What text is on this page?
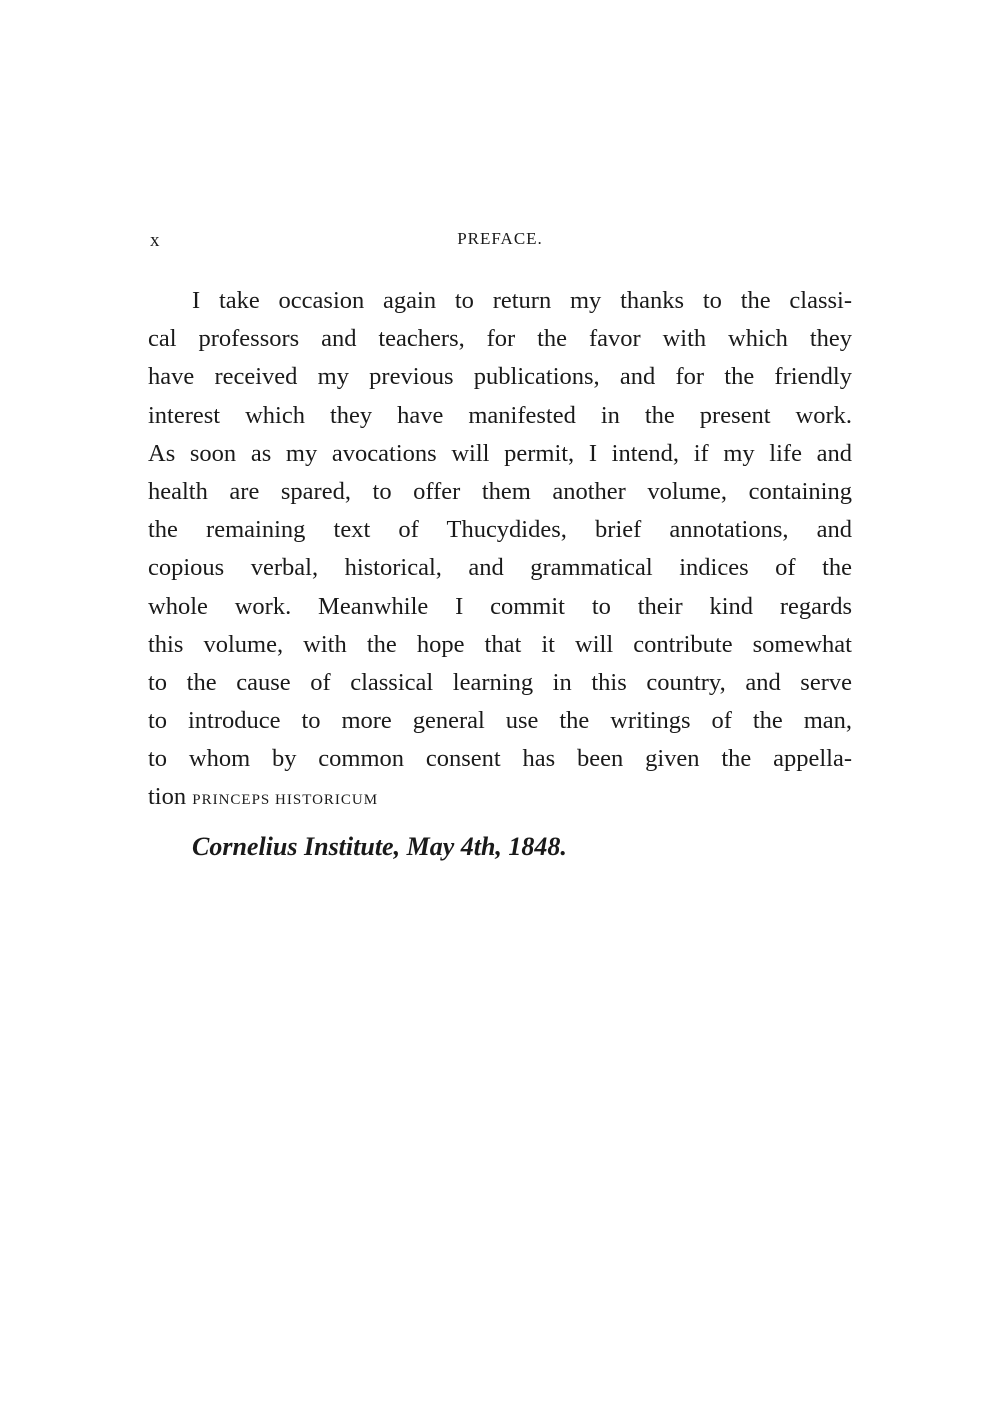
x	PREFACE.
I take occasion again to return my thanks to the classi-
cal professors and teachers, for the favor with which they
have received my previous publications, and for the friendly
interest which they have manifested in the present work.
As soon as my avocations will permit, I intend, if my life and
health are spared, to offer them another volume, containing
the remaining text of Thucydides, brief annotations, and
copious verbal, historical, and grammatical indices of the
whole work. Meanwhile I commit to their kind regards
this volume, with the hope that it will contribute somewhat
to the cause of classical learning in this country, and serve
to introduce to more general use the writings of the man,
to whom by common consent has been given the appella-
tion PRINCEPS HISTORICUM
Cornelius Institute, May 4th, 1848.
